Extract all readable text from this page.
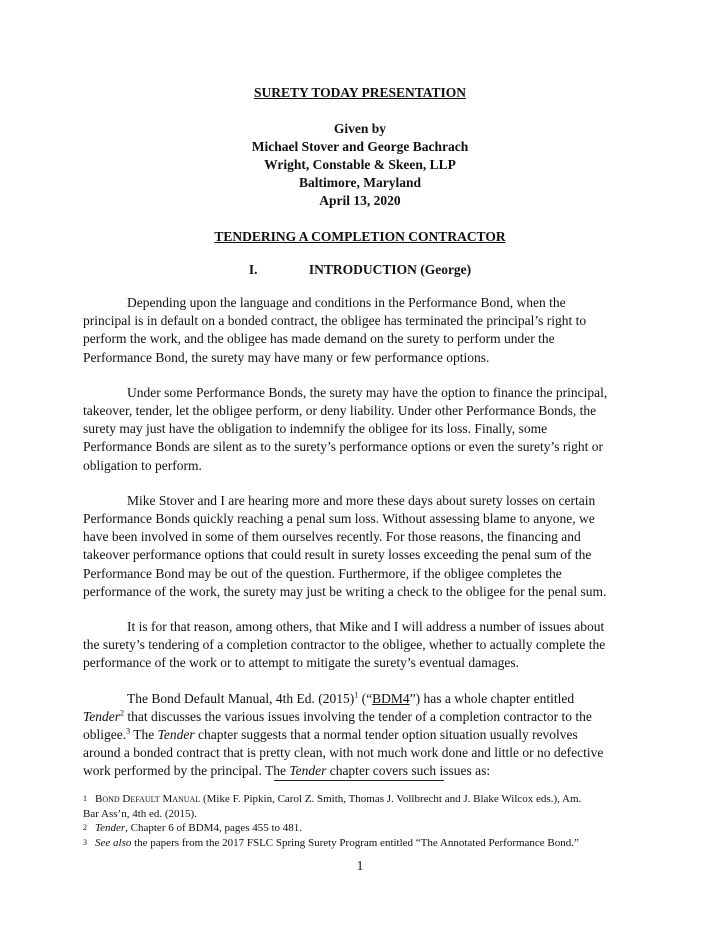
SURETY TODAY PRESENTATION
Given by
Michael Stover and George Bachrach
Wright, Constable & Skeen, LLP
Baltimore, Maryland
April 13, 2020
TENDERING A COMPLETION CONTRACTOR
I.	INTRODUCTION (George)

Depending upon the language and conditions in the Performance Bond, when the
principal is in default on a bonded contract, the obligee has terminated the principal’s right to
perform the work, and the obligee has made demand on the surety to perform under the
Performance Bond, the surety may have many or few performance options.

Under some Performance Bonds, the surety may have the option to finance the principal,
takeover, tender, let the obligee perform, or deny liability. Under other Performance Bonds, the
surety may just have the obligation to indemnify the obligee for its loss. Finally, some
Performance Bonds are silent as to the surety’s performance options or even the surety’s right or
obligation to perform.

Mike Stover and I are hearing more and more these days about surety losses on certain
Performance Bonds quickly reaching a penal sum loss. Without assessing blame to anyone, we
have been involved in some of them ourselves recently. For those reasons, the financing and
takeover performance options that could result in surety losses exceeding the penal sum of the
Performance Bond may be out of the question. Furthermore, if the obligee completes the
performance of the work, the surety may just be writing a check to the obligee for the penal sum.

It is for that reason, among others, that Mike and I will address a number of issues about
the surety’s tendering of a completion contractor to the obligee, whether to actually complete the
performance of the work or to attempt to mitigate the surety’s eventual damages.

The Bond Default Manual, 4th Ed. $(2015)^1$ (“BDM4”) has a whole chapter entitled
Tender$^2$ that discusses the various issues involving the tender of a completion contractor to the
obligee.$^3$ The Tender chapter suggests that a normal tender option situation usually revolves
around a bonded contract that is pretty clean, with not much work done and little or no defective
work performed by the principal. The Tender chapter covers such issues as:

1 Bond Default Manual (Mike F. Pipkin, Carol Z. Smith, Thomas J. Vollbrecht and J. Blake Wilcox eds.), Am.
Bar Ass’n, 4th ed. (2015).
2 Tender, Chapter 6 of BDM4, pages 455 to 481.
3 See also the papers from the 2017 FSLC Spring Surety Program entitled “The Annotated Performance Bond.”
1
